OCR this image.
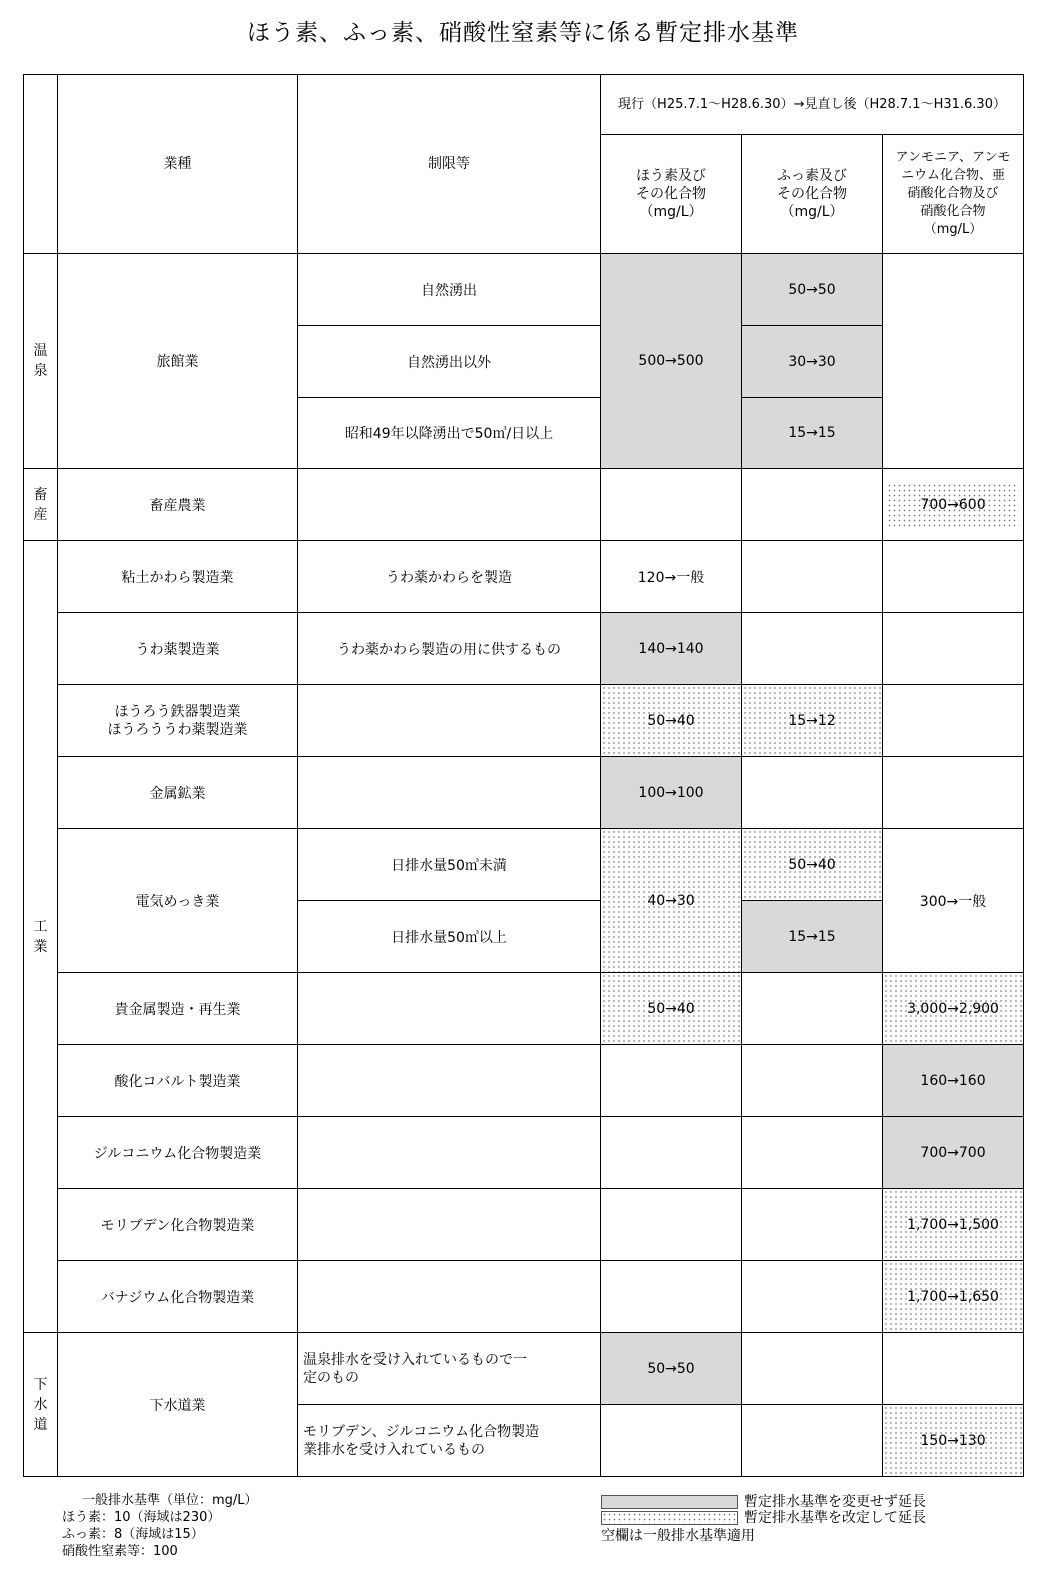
ほう素、ふっ素、硝酸性窒素等に係る暫定排水基準
	業種	制限等	現行（H25.7.1～H28.6.30）→見直し後（H28.7.1～H31.6.30）		
			ほう素及び
その化合物
（mg/L）	ふっ素及び
その化合物
（mg/L）	アンモニア、アンモ
ニウム化合物、亜
硝酸化合物及び
硝酸化合物
（mg/L）
温
泉	旅館業	自然湧出	500→500	50→50	
		自然湧出以外		30→30	
		昭和49年以降湧出で50㎥/日以上		15→15	
畜
産	畜産農業				700→600

工
業	粘土かわら製造業	うわ薬かわらを製造	120→一般		
	うわ薬製造業	うわ薬かわら製造の用に供するもの	140→140		
	ほうろう鉄器製造業
ほうろううわ薬製造業		50→40	15→12	
	金属鉱業		100→100		
	電気めっき業	日排水量50㎥未満	40→30	50→40	300→一般
		日排水量50㎥以上		15→15	
	貴金属製造・再生業		50→40		3,000→2,900
	酸化コバルト製造業				160→160
	ジルコニウム化合物製造業				700→700
	モリブデン化合物製造業				1,700→1,500
	バナジウム化合物製造業				1,700→1,650
下
水
道	下水道業	温泉排水を受け入れているもので一
定のもの	50→50		
		モリブデン、ジルコニウム化合物製造
業排水を受け入れているもの			150→130
一般排水基準（単位：mg/L）
ほう素：10（海域は230）
ふっ素：8（海域は15）
硝酸性窒素等：100
暫定排水基準を変更せず延長
暫定排水基準を改定して延長
空欄は一般排水基準適用
